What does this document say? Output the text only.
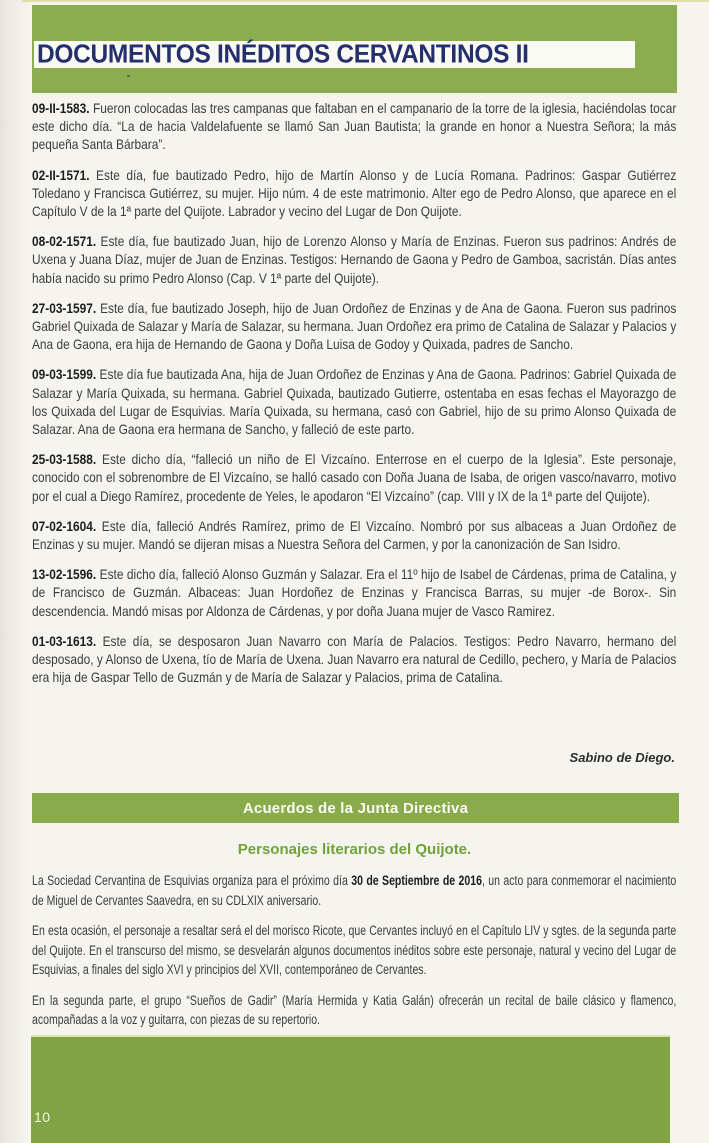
DOCUMENTOS INÉDITOS CERVANTINOS II

09-II-1583. Fueron colocadas las tres campanas que faltaban en el campanario de la torre de la iglesia, haciéndolas tocar este dicho día. “La de hacia Valdelafuente se llamó San Juan Bautista; la grande en honor a Nuestra Señora; la más pequeña Santa Bárbara”.

02-II-1571. Este día, fue bautizado Pedro, hijo de Martín Alonso y de Lucía Romana. Padrinos: Gaspar Gutiérrez Toledano y Francisca Gutiérrez, su mujer. Hijo núm. 4 de este matrimonio. Alter ego de Pedro Alonso, que aparece en el Capítulo V de la 1ª parte del Quijote. Labrador y vecino del Lugar de Don Quijote.

08-02-1571. Este día, fue bautizado Juan, hijo de Lorenzo Alonso y María de Enzinas. Fueron sus padrinos: Andrés de Uxena y Juana Díaz, mujer de Juan de Enzinas. Testigos: Hernando de Gaona y Pedro de Gamboa, sacristán. Días antes había nacido su primo Pedro Alonso (Cap. V 1ª parte del Quijote).

27-03-1597. Este día, fue bautizado Joseph, hijo de Juan Ordoñez de Enzinas y de Ana de Gaona. Fueron sus padrinos Gabriel Quixada de Salazar y María de Salazar, su hermana. Juan Ordoñez era primo de Catalina de Salazar y Palacios y Ana de Gaona, era hija de Hernando de Gaona y Doña Luisa de Godoy y Quixada, padres de Sancho.

09-03-1599. Este día fue bautizada Ana, hija de Juan Ordoñez de Enzinas y Ana de Gaona. Padrinos: Gabriel Quixada de Salazar y María Quixada, su hermana. Gabriel Quixada, bautizado Gutierre, ostentaba en esas fechas el Mayorazgo de los Quixada del Lugar de Esquivias. María Quixada, su hermana, casó con Gabriel, hijo de su primo Alonso Quixada de Salazar. Ana de Gaona era hermana de Sancho, y falleció de este parto.

25-03-1588. Este dicho día, “falleció un niño de El Vizcaíno. Enterrose en el cuerpo de la Iglesia”. Este personaje, conocido con el sobrenombre de El Vizcaíno, se halló casado con Doña Juana de Isaba, de origen vasco/navarro, motivo por el cual a Diego Ramírez, procedente de Yeles, le apodaron “El Vizcaíno” (cap. VIII y IX de la 1ª parte del Quijote).

07-02-1604. Este día, falleció Andrés Ramírez, primo de El Vizcaíno. Nombró por sus albaceas a Juan Ordoñez de Enzinas y su mujer. Mandó se dijeran misas a Nuestra Señora del Carmen, y por la canonización de San Isidro.

13-02-1596. Este dicho día, falleció Alonso Guzmán y Salazar. Era el 11º hijo de Isabel de Cárdenas, prima de Catalina, y de Francisco de Guzmán. Albaceas: Juan Hordoñez de Enzinas y Francisca Barras, su mujer -de Borox-. Sin descendencia. Mandó misas por Aldonza de Cárdenas, y por doña Juana mujer de Vasco Ramirez.

01-03-1613. Este día, se desposaron Juan Navarro con María de Palacios. Testigos: Pedro Navarro, hermano del desposado, y Alonso de Uxena, tío de María de Uxena. Juan Navarro era natural de Cedillo, pechero, y María de Palacios era hija de Gaspar Tello de Guzmán y de María de Salazar y Palacios, prima de Catalina.

Sabino de Diego.
Acuerdos de la Junta Directiva
Personajes literarios del Quijote.

La Sociedad Cervantina de Esquivias organiza para el próximo día 30 de Septiembre de 2016, un acto para conmemorar el nacimiento de Miguel de Cervantes Saavedra, en su CDLXIX aniversario.

En esta ocasión, el personaje a resaltar será el del morisco Ricote, que Cervantes incluyó en el Capítulo LIV y sgtes. de la segunda parte del Quijote. En el transcurso del mismo, se desvelarán algunos documentos inéditos sobre este personaje, natural y vecino del Lugar de Esquivias, a finales del siglo XVI y principios del XVII, contemporáneo de Cervantes.

En la segunda parte, el grupo “Sueños de Gadir” (María Hermida y Katia Galán) ofrecerán un recital de baile clásico y flamenco, acompañadas a la voz y guitarra, con piezas de su repertorio.

10
